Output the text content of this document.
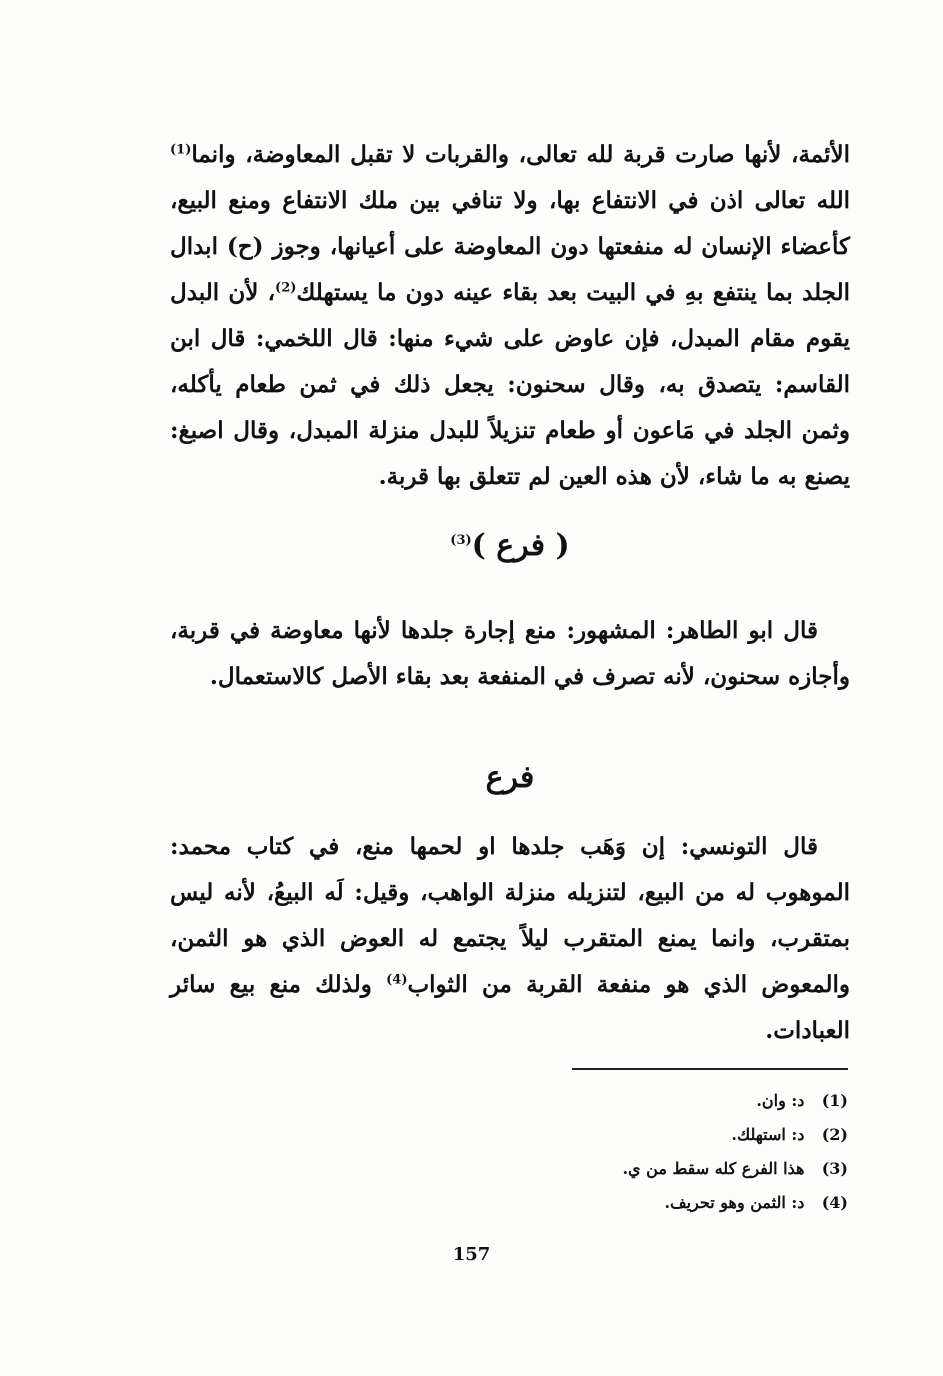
الأئمة، لأنها صارت قربة لله تعالى، والقربات لا تقبل المعاوضة، وانما$^{(1)}$ الله تعالى اذن في الانتفاع بها، ولا تنافي بين ملك الانتفاع ومنع البيع، كأعضاء الإنسان له منفعتها دون المعاوضة على أعيانها، وجوز (ح) ابدال الجلد بما ينتفع بهِ في البيت بعد بقاء عينه دون ما يستهلك$^{(2)}$، لأن البدل يقوم مقام المبدل، فإن عاوض على شيء منها: قال اللخمي: قال ابن القاسم: يتصدق به، وقال سحنون: يجعل ذلك في ثمن طعام يأكله، وثمن الجلد في مَاعون أو طعام تنزيلاً للبدل منزلة المبدل، وقال اصبغ: يصنع به ما شاء، لأن هذه العين لم تتعلق بها قربة.
( فرع )$^{(3)}$
قال ابو الطاهر: المشهور: منع إجارة جلدها لأنها معاوضة في قربة، وأجازه سحنون، لأنه تصرف في المنفعة بعد بقاء الأصل كالاستعمال.
فرع
قال التونسي: إن وَهَب جلدها او لحمها منع، في كتاب محمد: الموهوب له من البيع، لتنزيله منزلة الواهب، وقيل: لَه البيعُ، لأنه ليس بمتقرب، وانما يمنع المتقرب ليلاً يجتمع له العوض الذي هو الثمن، والمعوض الذي هو منفعة القربة من الثواب$^{(4)}$ ولذلك منع بيع سائر العبادات.
(1) د: وان.
(2) د: استهلك.
(3) هذا الفرع كله سقط من ي.
(4) د: الثمن وهو تحريف.
157
